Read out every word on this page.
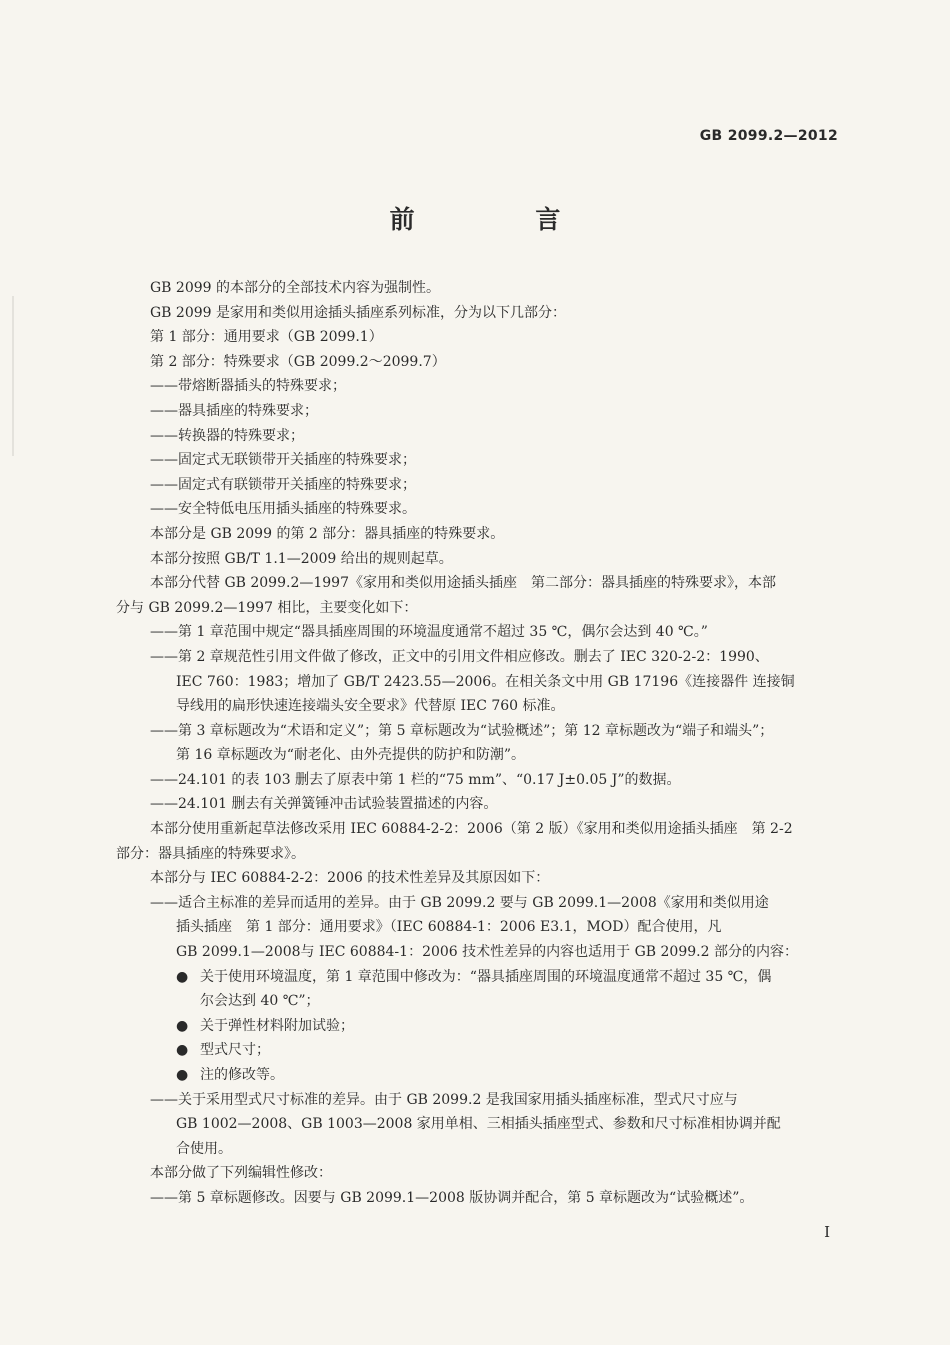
GB 2099.2—2012
前 言
GB 2099 的本部分的全部技术内容为强制性。
GB 2099 是家用和类似用途插头插座系列标准，分为以下几部分：
第 1 部分：通用要求（GB 2099.1）
第 2 部分：特殊要求（GB 2099.2～2099.7）
——带熔断器插头的特殊要求；
——器具插座的特殊要求；
——转换器的特殊要求；
——固定式无联锁带开关插座的特殊要求；
——固定式有联锁带开关插座的特殊要求；
——安全特低电压用插头插座的特殊要求。
本部分是 GB 2099 的第 2 部分：器具插座的特殊要求。
本部分按照 GB/T 1.1—2009 给出的规则起草。
本部分代替 GB 2099.2—1997《家用和类似用途插头插座　第二部分：器具插座的特殊要求》，本部
分与 GB 2099.2—1997 相比，主要变化如下：
——第 1 章范围中规定“器具插座周围的环境温度通常不超过 35 ℃，偶尔会达到 40 ℃。”
——第 2 章规范性引用文件做了修改，正文中的引用文件相应修改。删去了 IEC 320-2-2：1990、
IEC 760：1983；增加了 GB/T 2423.55—2006。在相关条文中用 GB 17196《连接器件 连接铜
导线用的扁形快速连接端头安全要求》代替原 IEC 760 标准。
——第 3 章标题改为“术语和定义”；第 5 章标题改为“试验概述”；第 12 章标题改为“端子和端头”；
第 16 章标题改为“耐老化、由外壳提供的防护和防潮”。
——24.101 的表 103 删去了原表中第 1 栏的“75 mm”、“0.17 J±0.05 J”的数据。
——24.101 删去有关弹簧锤冲击试验装置描述的内容。
本部分使用重新起草法修改采用 IEC 60884-2-2：2006（第 2 版）《家用和类似用途插头插座　第 2-2
部分：器具插座的特殊要求》。
本部分与 IEC 60884-2-2：2006 的技术性差异及其原因如下：
——适合主标准的差异而适用的差异。由于 GB 2099.2 要与 GB 2099.1—2008《家用和类似用途
插头插座　第 1 部分：通用要求》（IEC 60884-1：2006 E3.1，MOD）配合使用，凡
GB 2099.1—2008与 IEC 60884-1：2006 技术性差异的内容也适用于 GB 2099.2 部分的内容：
● 关于使用环境温度，第 1 章范围中修改为：“器具插座周围的环境温度通常不超过 35 ℃，偶
尔会达到 40 ℃”；
● 关于弹性材料附加试验；
● 型式尺寸；
● 注的修改等。
——关于采用型式尺寸标准的差异。由于 GB 2099.2 是我国家用插头插座标准，型式尺寸应与
GB 1002—2008、GB 1003—2008 家用单相、三相插头插座型式、参数和尺寸标准相协调并配
合使用。
本部分做了下列编辑性修改：
——第 5 章标题修改。因要与 GB 2099.1—2008 版协调并配合，第 5 章标题改为“试验概述”。
I
